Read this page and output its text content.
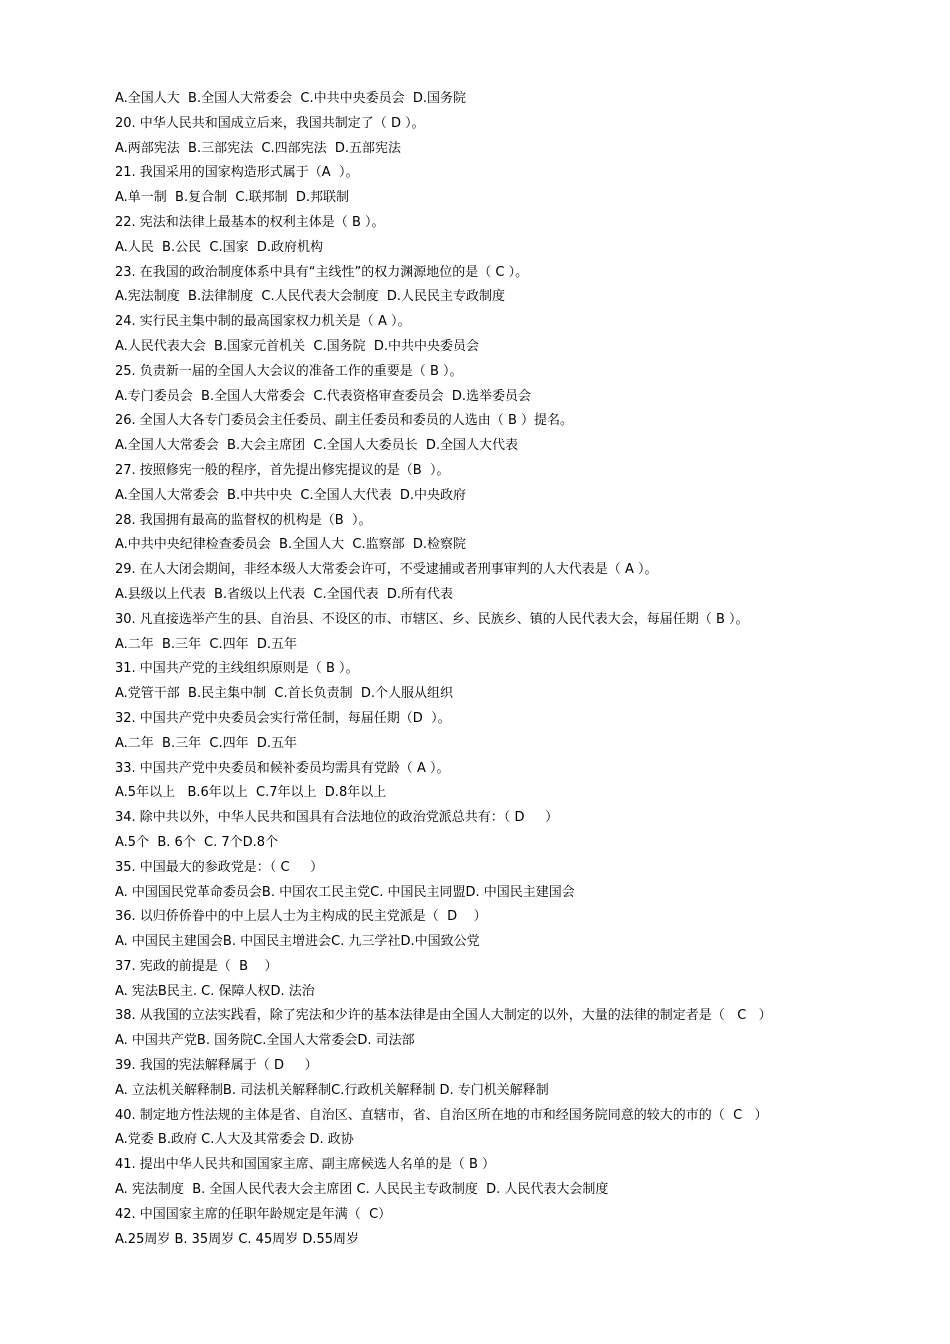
A.全国人大  B.全国人大常委会  C.中共中央委员会  D.国务院
20. 中华人民共和国成立后来，我国共制定了（ D ）。
A.两部宪法  B.三部宪法  C.四部宪法  D.五部宪法
21. 我国采用的国家构造形式属于（A  ）。
A.单一制  B.复合制  C.联邦制  D.邦联制
22. 宪法和法律上最基本的权利主体是（ B ）。
A.人民  B.公民  C.国家  D.政府机构
23. 在我国的政治制度体系中具有“主线性”的权力渊源地位的是（ C ）。
A.宪法制度  B.法律制度  C.人民代表大会制度  D.人民民主专政制度
24. 实行民主集中制的最高国家权力机关是（ A ）。
A.人民代表大会  B.国家元首机关  C.国务院  D.中共中央委员会
25. 负责新一届的全国人大会议的准备工作的重要是（ B ）。
A.专门委员会  B.全国人大常委会  C.代表资格审查委员会  D.选举委员会
26. 全国人大各专门委员会主任委员、副主任委员和委员的人选由（ B ）提名。
A.全国人大常委会  B.大会主席团  C.全国人大委员长  D.全国人大代表
27. 按照修宪一般的程序，首先提出修宪提议的是（B  ）。
A.全国人大常委会  B.中共中央  C.全国人大代表  D.中央政府
28. 我国拥有最高的监督权的机构是（B  ）。
A.中共中央纪律检查委员会  B.全国人大  C.监察部  D.检察院
29. 在人大闭会期间，非经本级人大常委会许可，不受逮捕或者刑事审判的人大代表是（ A ）。
A.县级以上代表  B.省级以上代表  C.全国代表  D.所有代表
30. 凡直接选举产生的县、自治县、不设区的市、市辖区、乡、民族乡、镇的人民代表大会，每届任期（ B ）。
A.二年  B.三年  C.四年  D.五年
31. 中国共产党的主线组织原则是（ B ）。
A.党管干部  B.民主集中制  C.首长负责制  D.个人服从组织
32. 中国共产党中央委员会实行常任制，每届任期（D  ）。
A.二年  B.三年  C.四年  D.五年
33. 中国共产党中央委员和候补委员均需具有党龄（ A ）。
A.5年以上   B.6年以上  C.7年以上  D.8年以上
34. 除中共以外，中华人民共和国具有合法地位的政治党派总共有：（ D     ）
A.5个  B. 6个  C. 7个D.8个
35. 中国最大的参政党是：（ C     ）
A. 中国国民党革命委员会B. 中国农工民主党C. 中国民主同盟D. 中国民主建国会
36. 以归侨侨眷中的中上层人士为主构成的民主党派是（  D    ）
A. 中国民主建国会B. 中国民主增进会C. 九三学社D.中国致公党
37. 宪政的前提是（  B    ）
A. 宪法B民主. C. 保障人权D. 法治
38. 从我国的立法实践看，除了宪法和少许的基本法律是由全国人大制定的以外，大量的法律的制定者是（   C   ）
A. 中国共产党B. 国务院C.全国人大常委会D. 司法部
39. 我国的宪法解释属于（ D     ）
A. 立法机关解释制B. 司法机关解释制C.行政机关解释制 D. 专门机关解释制
40. 制定地方性法规的主体是省、自治区、直辖市，省、自治区所在地的市和经国务院同意的较大的市的（  C   ）
A.党委 B.政府 C.人大及其常委会 D. 政协
41. 提出中华人民共和国国家主席、副主席候选人名单的是（ B ）
A. 宪法制度  B. 全国人民代表大会主席团 C. 人民民主专政制度  D. 人民代表大会制度
42. 中国国家主席的任职年龄规定是年满（  C）
A.25周岁 B. 35周岁 C. 45周岁 D.55周岁
